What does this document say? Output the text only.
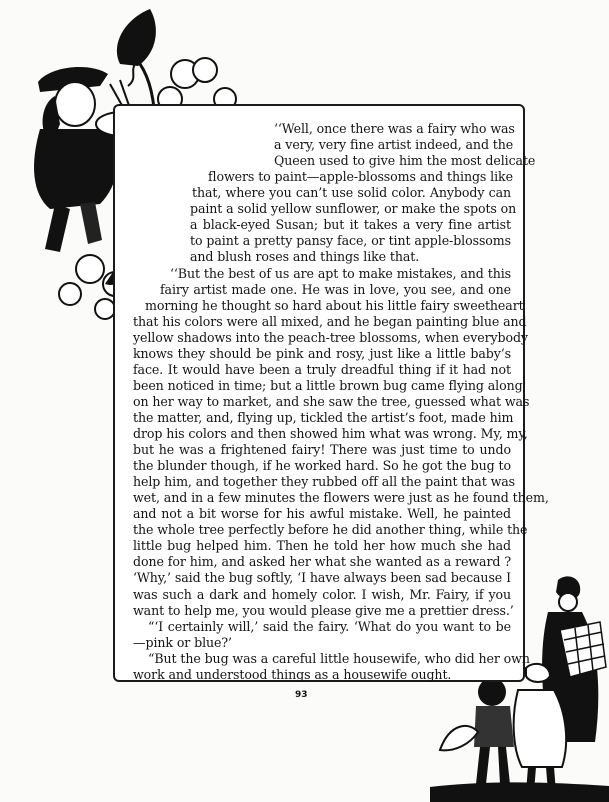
‘‘Well, once there was a fairy who was
a very, very fine artist indeed, and the
Queen used to give him the most delicate
flowers to paint—apple-blossoms and things like
that, where you can’t use solid color. Anybody can
paint a solid yellow sunflower, or make the spots on
a black-eyed Susan; but it takes a very fine artist
to paint a pretty pansy face, or tint apple-blossoms
and blush roses and things like that.
‘‘But the best of us are apt to make mistakes, and this
fairy artist made one. He was in love, you see, and one
morning he thought so hard about his little fairy sweetheart
that his colors were all mixed, and he began painting blue and
yellow shadows into the peach-tree blossoms, when everybody
knows they should be pink and rosy, just like a little baby’s
face. It would have been a truly dreadful thing if it had not
been noticed in time; but a little brown bug came flying along
on her way to market, and she saw the tree, guessed what was
the matter, and, flying up, tickled the artist’s foot, made him
drop his colors and then showed him what was wrong. My, my,
but he was a frightened fairy! There was just time to undo
the blunder though, if he worked hard. So he got the bug to
help him, and together they rubbed off all the paint that was
wet, and in a few minutes the flowers were just as he found them,
and not a bit worse for his awful mistake. Well, he painted
the whole tree perfectly before he did another thing, while the
little bug helped him. Then he told her how much she had
done for him, and asked her what she wanted as a reward ?
‘Why,’ said the bug softly, ‘I have always been sad because I
was such a dark and homely color. I wish, Mr. Fairy, if you
want to help me, you would please give me a prettier dress.’
“‘I certainly will,’ said the fairy. ‘What do you want to be
—pink or blue?’
“But the bug was a careful little housewife, who did her own
work and understood things as a housewife ought.
93
